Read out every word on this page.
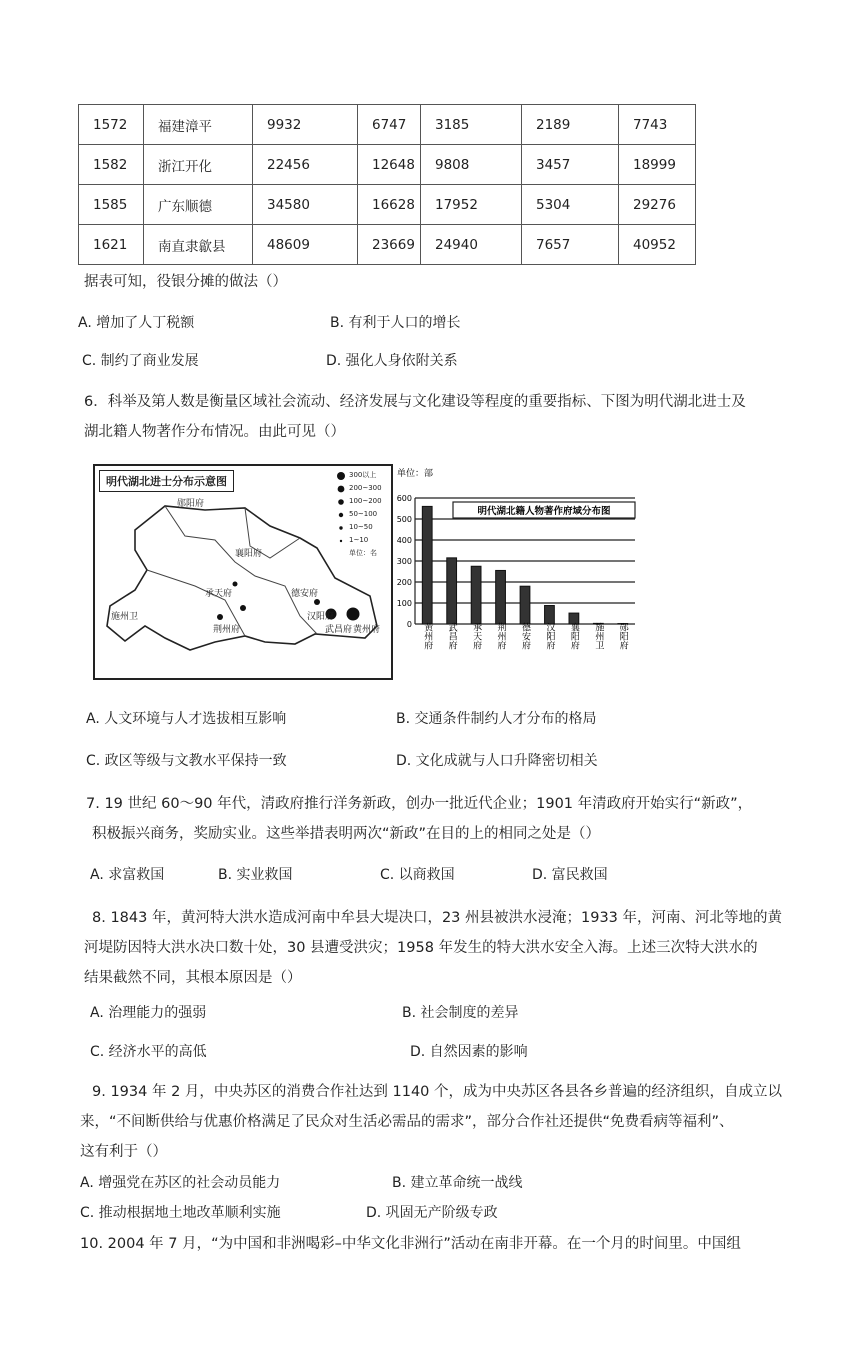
1572	福建漳平	9932	6747	3185	2189	7743
1582	浙江开化	22456	12648	9808	3457	18999
1585	广东顺德	34580	16628	17952	5304	29276
1621	南直隶歙县	48609	23669	24940	7657	40952
据表可知，役银分摊的做法（）
A. 增加了人丁税额	B. 有利于人口的增长
C. 制约了商业发展	D. 强化人身依附关系
6．科举及第人数是衡量区域社会流动、经济发展与文化建设等程度的重要指标、下图为明代湖北进士及
湖北籍人物著作分布情况。由此可见（）
明代湖北进士分布示意图	300以上
200~300
100~200
50~100
10~50
1~10
单位：名
郧阳府
襄阳府
德安府
承天府
荆州府
汉阳府
武昌府 黄州府
施州卫
单位：部
600
500
400
300
200
100
0
明代湖北籍人物著作府域分布图
黄州府 武昌府 承天府 荆州府 德安府 汉阳府 襄阳府 施州卫 郧阳府
A. 人文环境与人才选拔相互影响	B. 交通条件制约人才分布的格局
C. 政区等级与文教水平保持一致	D. 文化成就与人口升降密切相关
7. 19 世纪 60～90 年代，清政府推行洋务新政，创办一批近代企业；1901 年清政府开始实行“新政”，
积极振兴商务，奖励实业。这些举措表明两次“新政”在目的上的相同之处是（）
A. 求富救国	B. 实业救国	C. 以商救国	D. 富民救国
8. 1843 年，黄河特大洪水造成河南中牟县大堤决口，23 州县被洪水浸淹；1933 年，河南、河北等地的黄
河堤防因特大洪水决口数十处，30 县遭受洪灾；1958 年发生的特大洪水安全入海。上述三次特大洪水的
结果截然不同，其根本原因是（）
A. 治理能力的强弱	B. 社会制度的差异
C. 经济水平的高低	D. 自然因素的影响
9. 1934 年 2 月，中央苏区的消费合作社达到 1140 个，成为中央苏区各县各乡普遍的经济组织，自成立以
来，“不间断供给与优惠价格满足了民众对生活必需品的需求”，部分合作社还提供“免费看病等福利”、
这有利于（）
A. 增强党在苏区的社会动员能力	B. 建立革命统一战线
C. 推动根据地土地改革顺利实施	D. 巩固无产阶级专政
10. 2004 年 7 月，“为中国和非洲喝彩–中华文化非洲行”活动在南非开幕。在一个月的时间里。中国组
